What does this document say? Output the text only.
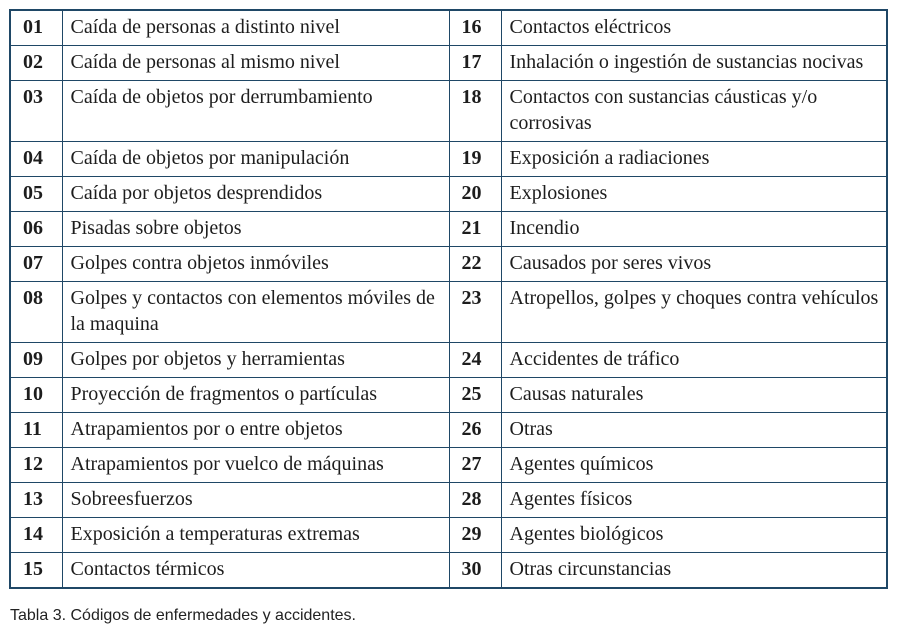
01	Caída de personas a distinto nivel	16	Contactos eléctricos
02	Caída de personas al mismo nivel	17	Inhalación o ingestión de sustancias nocivas
03	Caída de objetos por derrumbamiento	18	Contactos con sustancias cáusticas y/o corrosivas
04	Caída de objetos por manipulación	19	Exposición a radiaciones
05	Caída por objetos desprendidos	20	Explosiones
06	Pisadas sobre objetos	21	Incendio
07	Golpes contra objetos inmóviles	22	Causados por seres vivos
08	Golpes y contactos con elementos móviles de la maquina	23	Atropellos, golpes y choques contra vehículos
09	Golpes por objetos y herramientas	24	Accidentes de tráfico
10	Proyección de fragmentos o partículas	25	Causas naturales
11	Atrapamientos por o entre objetos	26	Otras
12	Atrapamientos por vuelco de máquinas	27	Agentes químicos
13	Sobreesfuerzos	28	Agentes físicos
14	Exposición a temperaturas extremas	29	Agentes biológicos
15	Contactos térmicos	30	Otras circunstancias
Tabla 3. Códigos de enfermedades y accidentes.
